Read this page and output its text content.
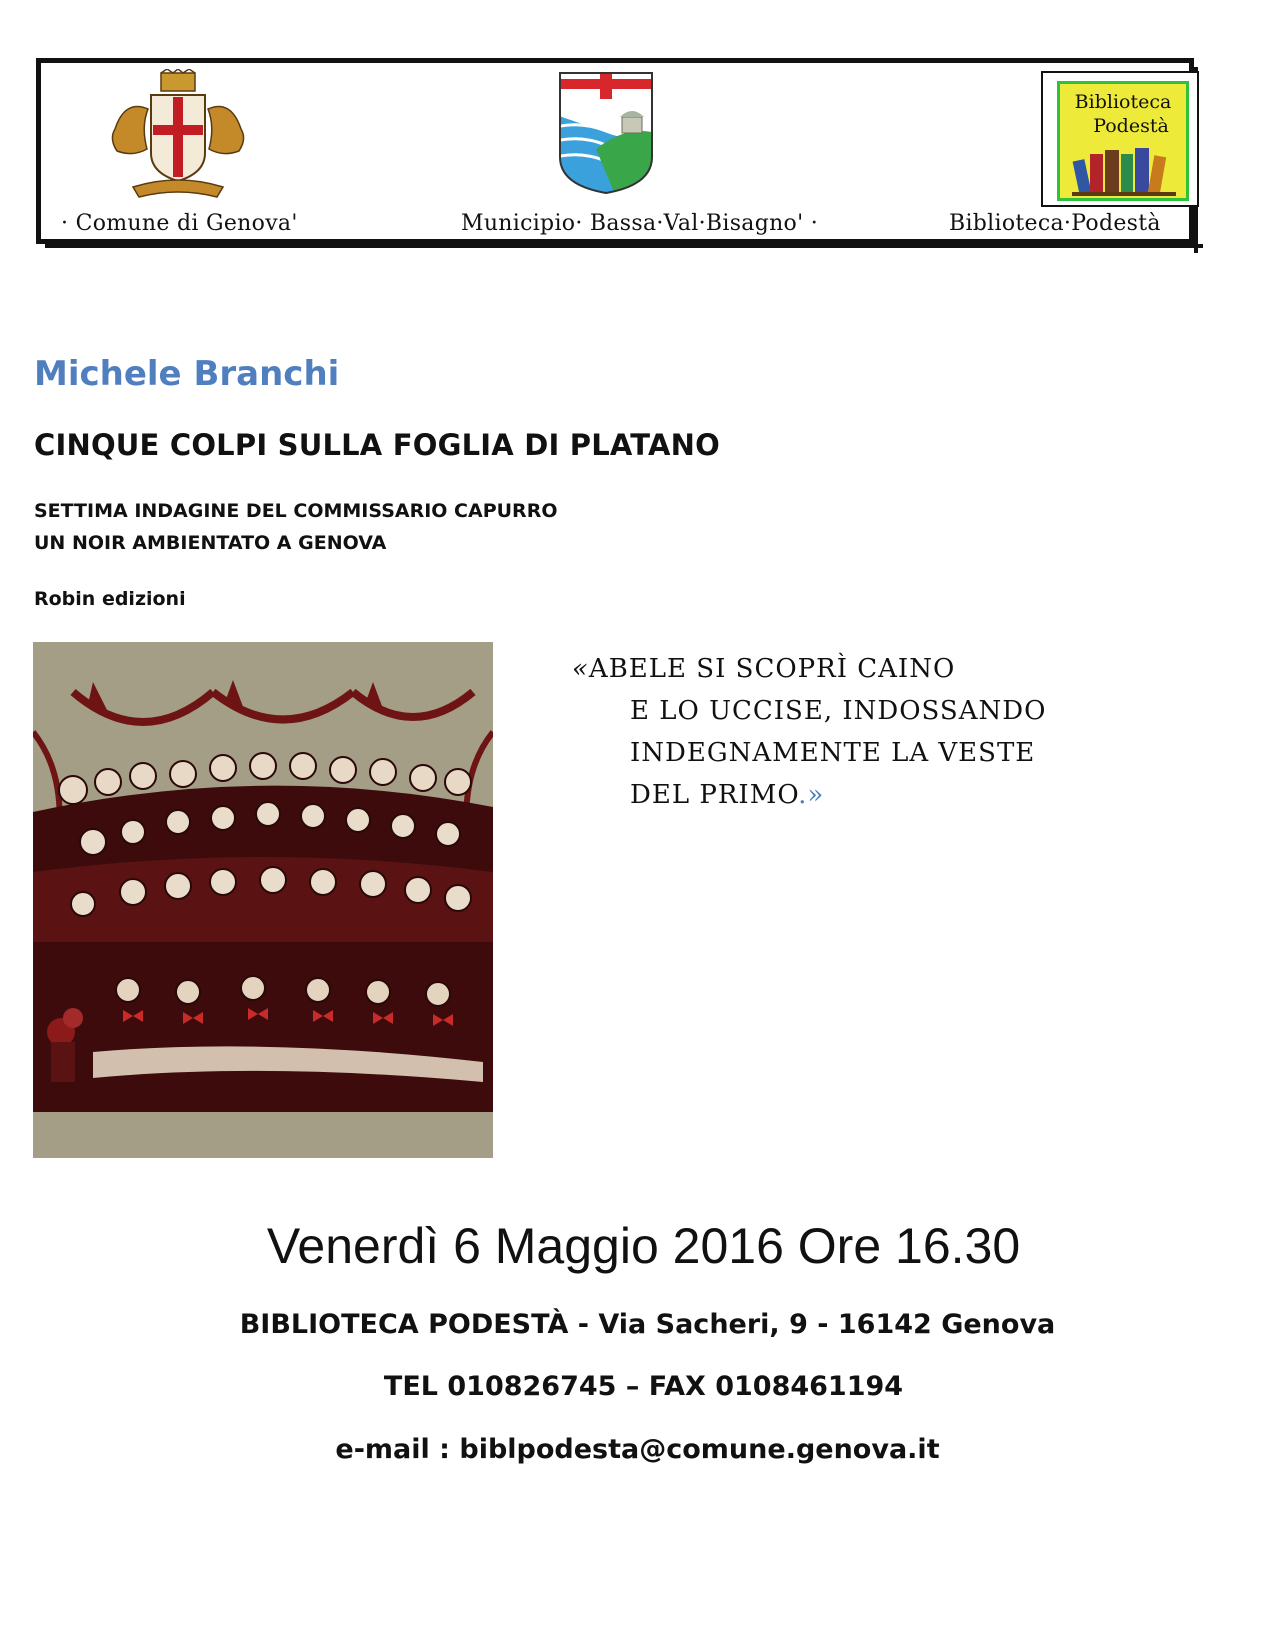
Biblioteca
Podestà
· Comune di Genova'	Municipio· Bassa·Val·Bisagno' ·	Biblioteca·Podestà
Michele Branchi
CINQUE COLPI SULLA FOGLIA DI PLATANO
SETTIMA INDAGINE DEL COMMISSARIO CAPURRO
UN NOIR AMBIENTATO A GENOVA
Robin edizioni
«ABELE SI SCOPRÌ CAINO
E LO UCCISE, INDOSSANDO
INDEGNAMENTE LA VESTE
DEL PRIMO.»
Venerdì 6 Maggio 2016 Ore 16.30
BIBLIOTECA PODESTÀ - Via Sacheri, 9 - 16142 Genova
TEL 010826745 – FAX 0108461194
e-mail : biblpodesta@comune.genova.it
